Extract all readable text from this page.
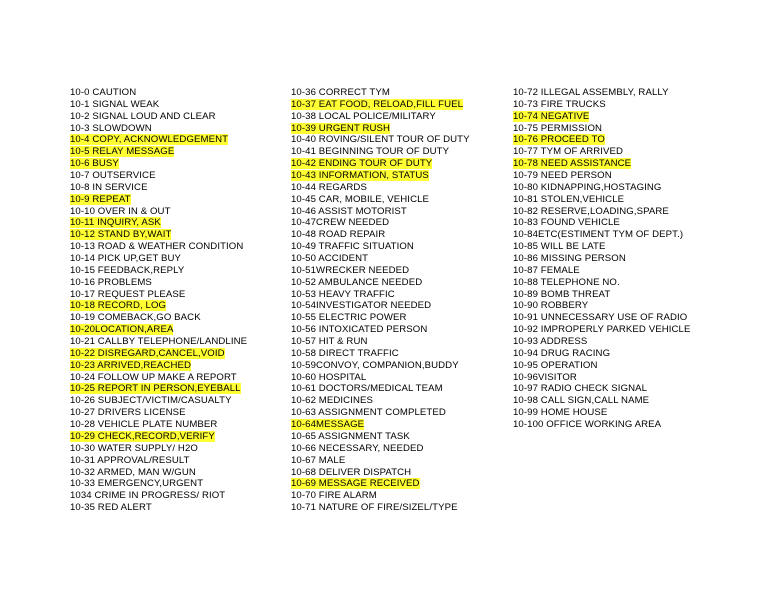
10-0 CAUTION
10-1 SIGNAL WEAK
10-2 SIGNAL LOUD AND CLEAR
10-3 SLOWDOWN
10-4 COPY, ACKNOWLEDGEMENT
10-5 RELAY MESSAGE
10-6 BUSY
10-7 OUTSERVICE
10-8 IN SERVICE
10-9 REPEAT
10-10 OVER IN & OUT
10-11 INQUIRY, ASK
10-12 STAND BY,WAIT
10-13 ROAD & WEATHER CONDITION
10-14 PICK UP,GET BUY
10-15 FEEDBACK,REPLY
10-16 PROBLEMS
10-17 REQUEST PLEASE
10-18 RECORD, LOG
10-19 COMEBACK,GO BACK
10-20LOCATION,AREA
10-21 CALLBY TELEPHONE/LANDLINE
10-22 DISREGARD,CANCEL,VOID
10-23 ARRIVED,REACHED
10-24 FOLLOW UP MAKE A REPORT
10-25 REPORT IN PERSON,EYEBALL
10-26 SUBJECT/VICTIM/CASUALTY
10-27 DRIVERS LICENSE
10-28 VEHICLE PLATE NUMBER
10-29 CHECK,RECORD,VERIFY
10-30 WATER SUPPLY/ H2O
10-31 APPROVAL/RESULT
10-32 ARMED, MAN W/GUN
10-33 EMERGENCY,URGENT
1034 CRIME IN PROGRESS/ RIOT
10-35 RED ALERT
10-36 CORRECT TYM
10-37 EAT FOOD, RELOAD,FILL FUEL
10-38 LOCAL POLICE/MILITARY
10-39 URGENT RUSH
10-40 ROVING/SILENT TOUR OF DUTY
10-41 BEGINNING TOUR OF DUTY
10-42 ENDING TOUR OF DUTY
10-43 INFORMATION, STATUS
10-44 REGARDS
10-45 CAR, MOBILE, VEHICLE
10-46 ASSIST MOTORIST
10-47CREW NEEDED
10-48 ROAD REPAIR
10-49 TRAFFIC SITUATION
10-50 ACCIDENT
10-51WRECKER NEEDED
10-52 AMBULANCE NEEDED
10-53 HEAVY TRAFFIC
10-54INVESTIGATOR NEEDED
10-55 ELECTRIC POWER
10-56 INTOXICATED PERSON
10-57 HIT & RUN
10-58 DIRECT TRAFFIC
10-59CONVOY, COMPANION,BUDDY
10-60 HOSPITAL
10-61 DOCTORS/MEDICAL TEAM
10-62 MEDICINES
10-63 ASSIGNMENT COMPLETED
10-64MESSAGE
10-65 ASSIGNMENT TASK
10-66 NECESSARY, NEEDED
10-67 MALE
10-68 DELIVER DISPATCH
10-69 MESSAGE RECEIVED
10-70 FIRE ALARM
10-71 NATURE OF FIRE/SIZEL/TYPE
10-72 ILLEGAL ASSEMBLY, RALLY
10-73 FIRE TRUCKS
10-74 NEGATIVE
10-75 PERMISSION
10-76 PROCEED TO
10-77 TYM OF ARRIVED
10-78 NEED ASSISTANCE
10-79 NEED PERSON
10-80 KIDNAPPING,HOSTAGING
10-81 STOLEN,VEHICLE
10-82 RESERVE,LOADING,SPARE
10-83 FOUND VEHICLE
10-84ETC(ESTIMENT TYM OF DEPT.)
10-85 WILL BE LATE
10-86 MISSING PERSON
10-87 FEMALE
10-88 TELEPHONE NO.
10-89 BOMB THREAT
10-90 ROBBERY
10-91 UNNECESSARY USE OF RADIO
10-92 IMPROPERLY PARKED VEHICLE
10-93 ADDRESS
10-94 DRUG RACING
10-95 OPERATION
10-96VISITOR
10-97 RADIO CHECK SIGNAL
10-98 CALL SIGN,CALL NAME
10-99 HOME HOUSE
10-100 OFFICE WORKING AREA
